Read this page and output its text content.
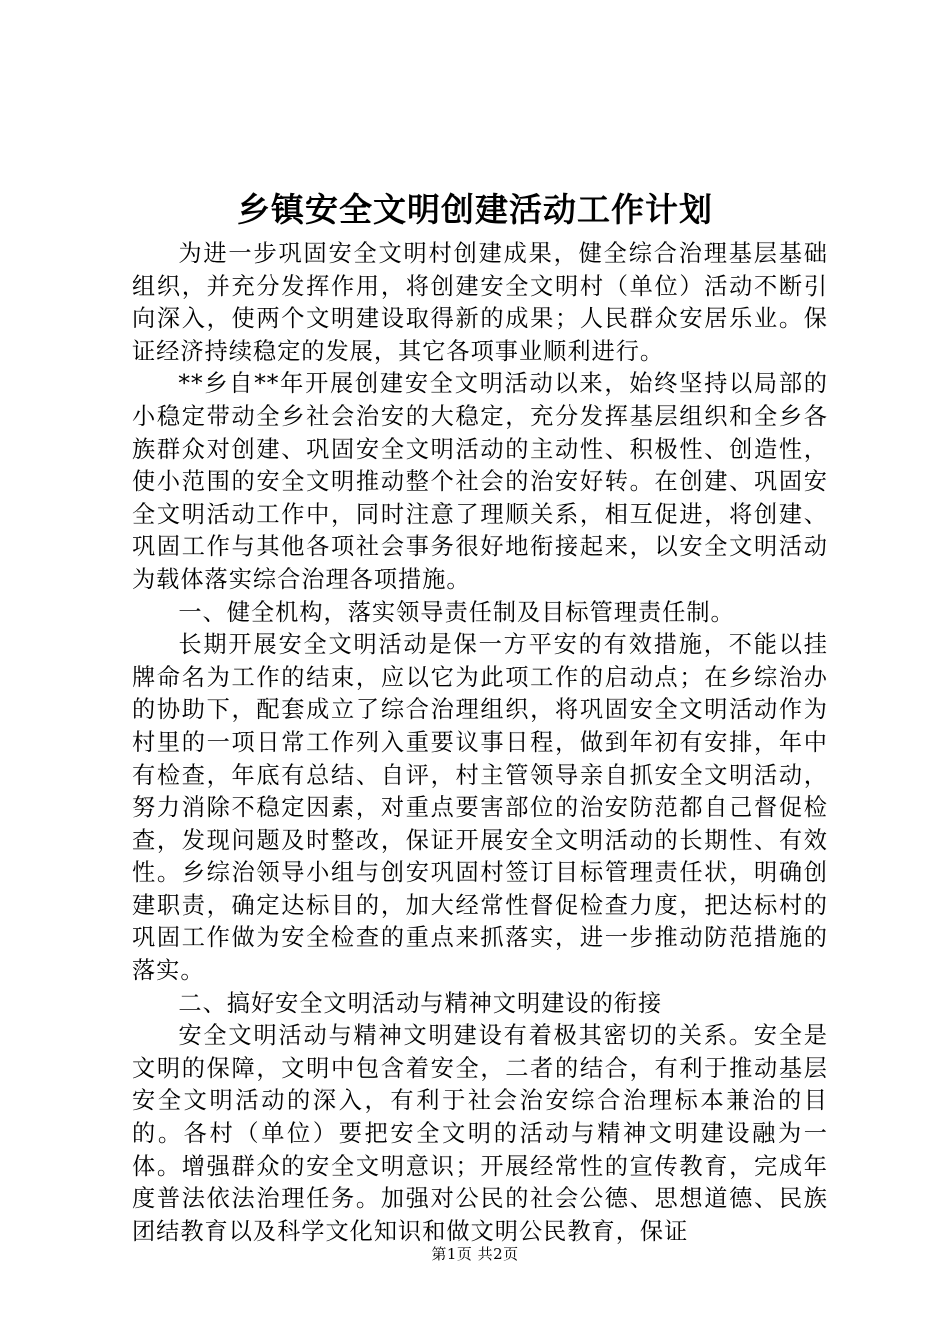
乡镇安全文明创建活动工作计划

为进一步巩固安全文明村创建成果，健全综合治理基层基础组织，并充分发挥作用，将创建安全文明村（单位）活动不断引向深入，使两个文明建设取得新的成果；人民群众安居乐业。保证经济持续稳定的发展，其它各项事业顺利进行。

**乡自**年开展创建安全文明活动以来，始终坚持以局部的小稳定带动全乡社会治安的大稳定，充分发挥基层组织和全乡各族群众对创建、巩固安全文明活动的主动性、积极性、创造性，使小范围的安全文明推动整个社会的治安好转。在创建、巩固安全文明活动工作中，同时注意了理顺关系，相互促进，将创建、巩固工作与其他各项社会事务很好地衔接起来，以安全文明活动为载体落实综合治理各项措施。

一、健全机构，落实领导责任制及目标管理责任制。

长期开展安全文明活动是保一方平安的有效措施，不能以挂牌命名为工作的结束，应以它为此项工作的启动点；在乡综治办的协助下，配套成立了综合治理组织，将巩固安全文明活动作为村里的一项日常工作列入重要议事日程，做到年初有安排，年中有检查，年底有总结、自评，村主管领导亲自抓安全文明活动，努力消除不稳定因素，对重点要害部位的治安防范都自己督促检查，发现问题及时整改，保证开展安全文明活动的长期性、有效性。乡综治领导小组与创安巩固村签订目标管理责任状，明确创建职责，确定达标目的，加大经常性督促检查力度，把达标村的巩固工作做为安全检查的重点来抓落实，进一步推动防范措施的落实。

二、搞好安全文明活动与精神文明建设的衔接

安全文明活动与精神文明建设有着极其密切的关系。安全是文明的保障，文明中包含着安全，二者的结合，有利于推动基层安全文明活动的深入，有利于社会治安综合治理标本兼治的目的。各村（单位）要把安全文明的活动与精神文明建设融为一体。增强群众的安全文明意识；开展经常性的宣传教育，完成年度普法依法治理任务。加强对公民的社会公德、思想道德、民族团结教育以及科学文化知识和做文明公民教育，保证

第1页 共2页
